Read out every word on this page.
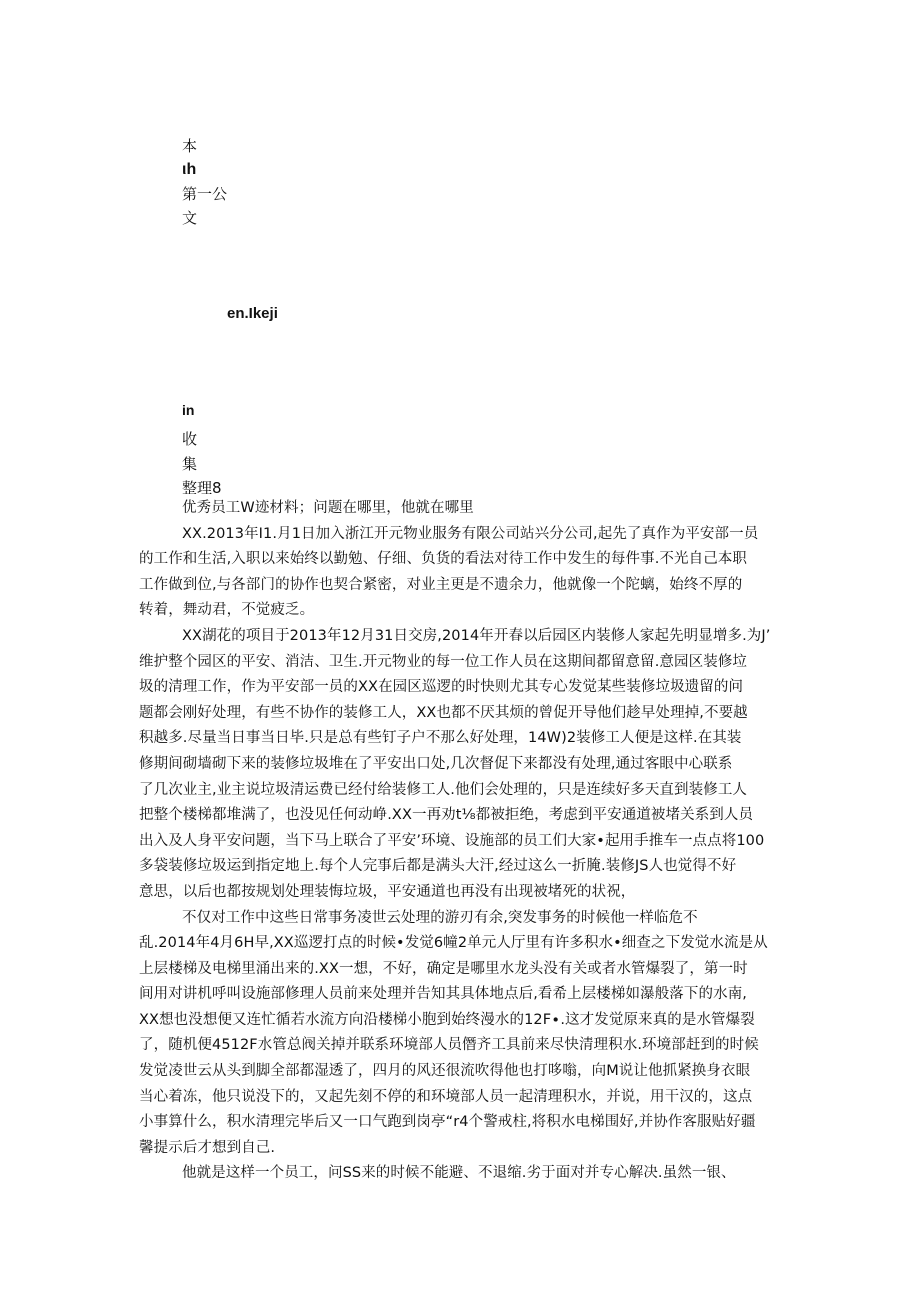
本
ιh
第一公
文
en.Ikeji
in
收
集
整理8
优秀员工W迹材料；问题在哪里，他就在哪里
XX.2013年I1.月1日加入浙江开元物业服务有限公司站兴分公司,起先了真作为平安部一员
的工作和生活,入职以来始终以勤勉、仔细、负货的看法对待工作中发生的每件事.不光自己本职
工作做到位,与各部门的协作也契合紧密，对业主更是不遗余力，他就像一个陀螭，始终不厚的
转着，舞动君，不觉疲乏。
XX湖花的项目于2013年12月31日交房,2014年开春以后园区内装修人家起先明显增多.为J’
维护整个园区的平安、消洁、卫生.开元物业的每一位工作人员在这期间都留意留.意园区装修垃
圾的清理工作，作为平安部一员的XX在园区巡逻的时快则尤其专心发觉某些装修垃圾遗留的问
题都会刚好处理，有些不协作的装修工人，XX也都不厌其烦的曾促开导他们趁早处理掉,不要越
积越多.尽量当日事当日毕.只是总有些钉子户不那么好处理，14W)2装修工人便是这样.在其装
修期间砌墙砌下来的装修垃圾堆在了平安出口处,几次督促下来都没有处理,通过客眼中心联系
了几次业主,业主说垃圾清运费已经付给装修工人.他们会处理的，只是连续好多天直到装修工人
把整个楼梯都堆满了，也没见任何动峥.XX一再劝t⅛都被拒绝，考虑到平安通道被堵关系到人员
出入及人身平安问题，当下马上联合了平安’环境、设施部的员工们大家•起用手推车一点点将100
多袋装修垃圾运到指定地上.每个人完事后都是满头大汗,经过这么一折腌.装修JS人也觉得不好
意思，以后也都按规划处理装悔垃圾，平安通道也再没有出现被堵死的状祝，
不仅对工作中这些日常事务凌世云处理的游刃有余,突发事务的时候他一样临危不
乱.2014年4月6H早,XX巡逻打点的时候•发觉6幢2单元人厅里有许多积水•细查之下发觉水流是从
上层楼梯及电梯里涌出来的.XX一想，不好，确定是哪里水龙头没有关或者水管爆裂了，第一时
间用对讲机呼叫设施部修理人员前来处理并告知其具体地点后,看希上层楼梯如瀑般落下的水南,
XX想也没想便又连忙循若水流方向沿楼梯小胞到始终漫水的12F∙.这才发觉原来真的是水管爆裂
了，随机便4512F水管总阀关掉并联系环境部人员僭齐工具前来尽快清理积水.环境部赶到的时候
发觉凌世云从头到脚全部都湿透了，四月的风还很流吹得他也打哆嗡，向M说让他抓紧换身衣眼
当心着冻，他只说没下的，又起先刻不停的和环境部人员一起清理积水，并说，用干汉的，这点
小事算什么，积水清理完毕后又一口气跑到岗亭“r4个警戒柱,将积水电梯围好,并协作客服贴好疆
馨提示后才想到自己.
他就是这样一个员工，问SS来的时候不能避、不退缩.劣于面对并专心解决.虽然一银、
